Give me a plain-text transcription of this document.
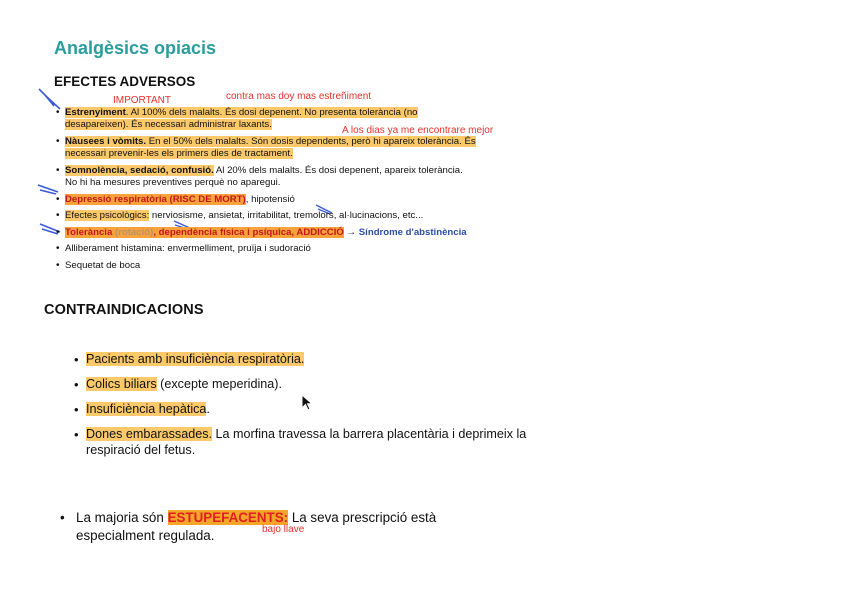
Analgèsics opiacis
EFECTES ADVERSOS
IMPORTANT	contra mas doy mas estreñiment
A los dias ya me encontrare mejor
• Estrenyiment. Al 100% dels malalts. És dosi depenent. No presenta tolerància (no
desapareixen). És necessari administrar laxants.
• Nàusees i vòmits. En el 50% dels malalts. Són dosis dependents, però hi apareix tolerància. És
necessari prevenir-les els primers dies de tractament.
• Somnolència, sedació, confusió. Al 20% dels malalts. És dosi depenent, apareix tolerància.
No hi ha mesures preventives perquè no aparegui.
• Depressió respiratòria (RISC DE MORT), hipotensió
• Efectes psicològics: nerviosisme, ansietat, irritabilitat, tremolors, al·lucinacions, etc...
• Tolerància (rotació), dependència física i psíquica, ADDICCIÓ → Síndrome d'abstinència
• Alliberament histamina: envermelliment, pruïja i sudoració
• Sequetat de boca
CONTRAINDICACIONS
• Pacients amb insuficiència respiratòria.
• Colics biliars (excepte meperidina).
• Insuficiència hepàtica.
• Dones embarassades. La morfina travessa la barrera placentària i deprimeix la
respiració del fetus.
• La majoria són ESTUPEFACENTS: La seva prescripció està
especialment regulada.	bajo llave
